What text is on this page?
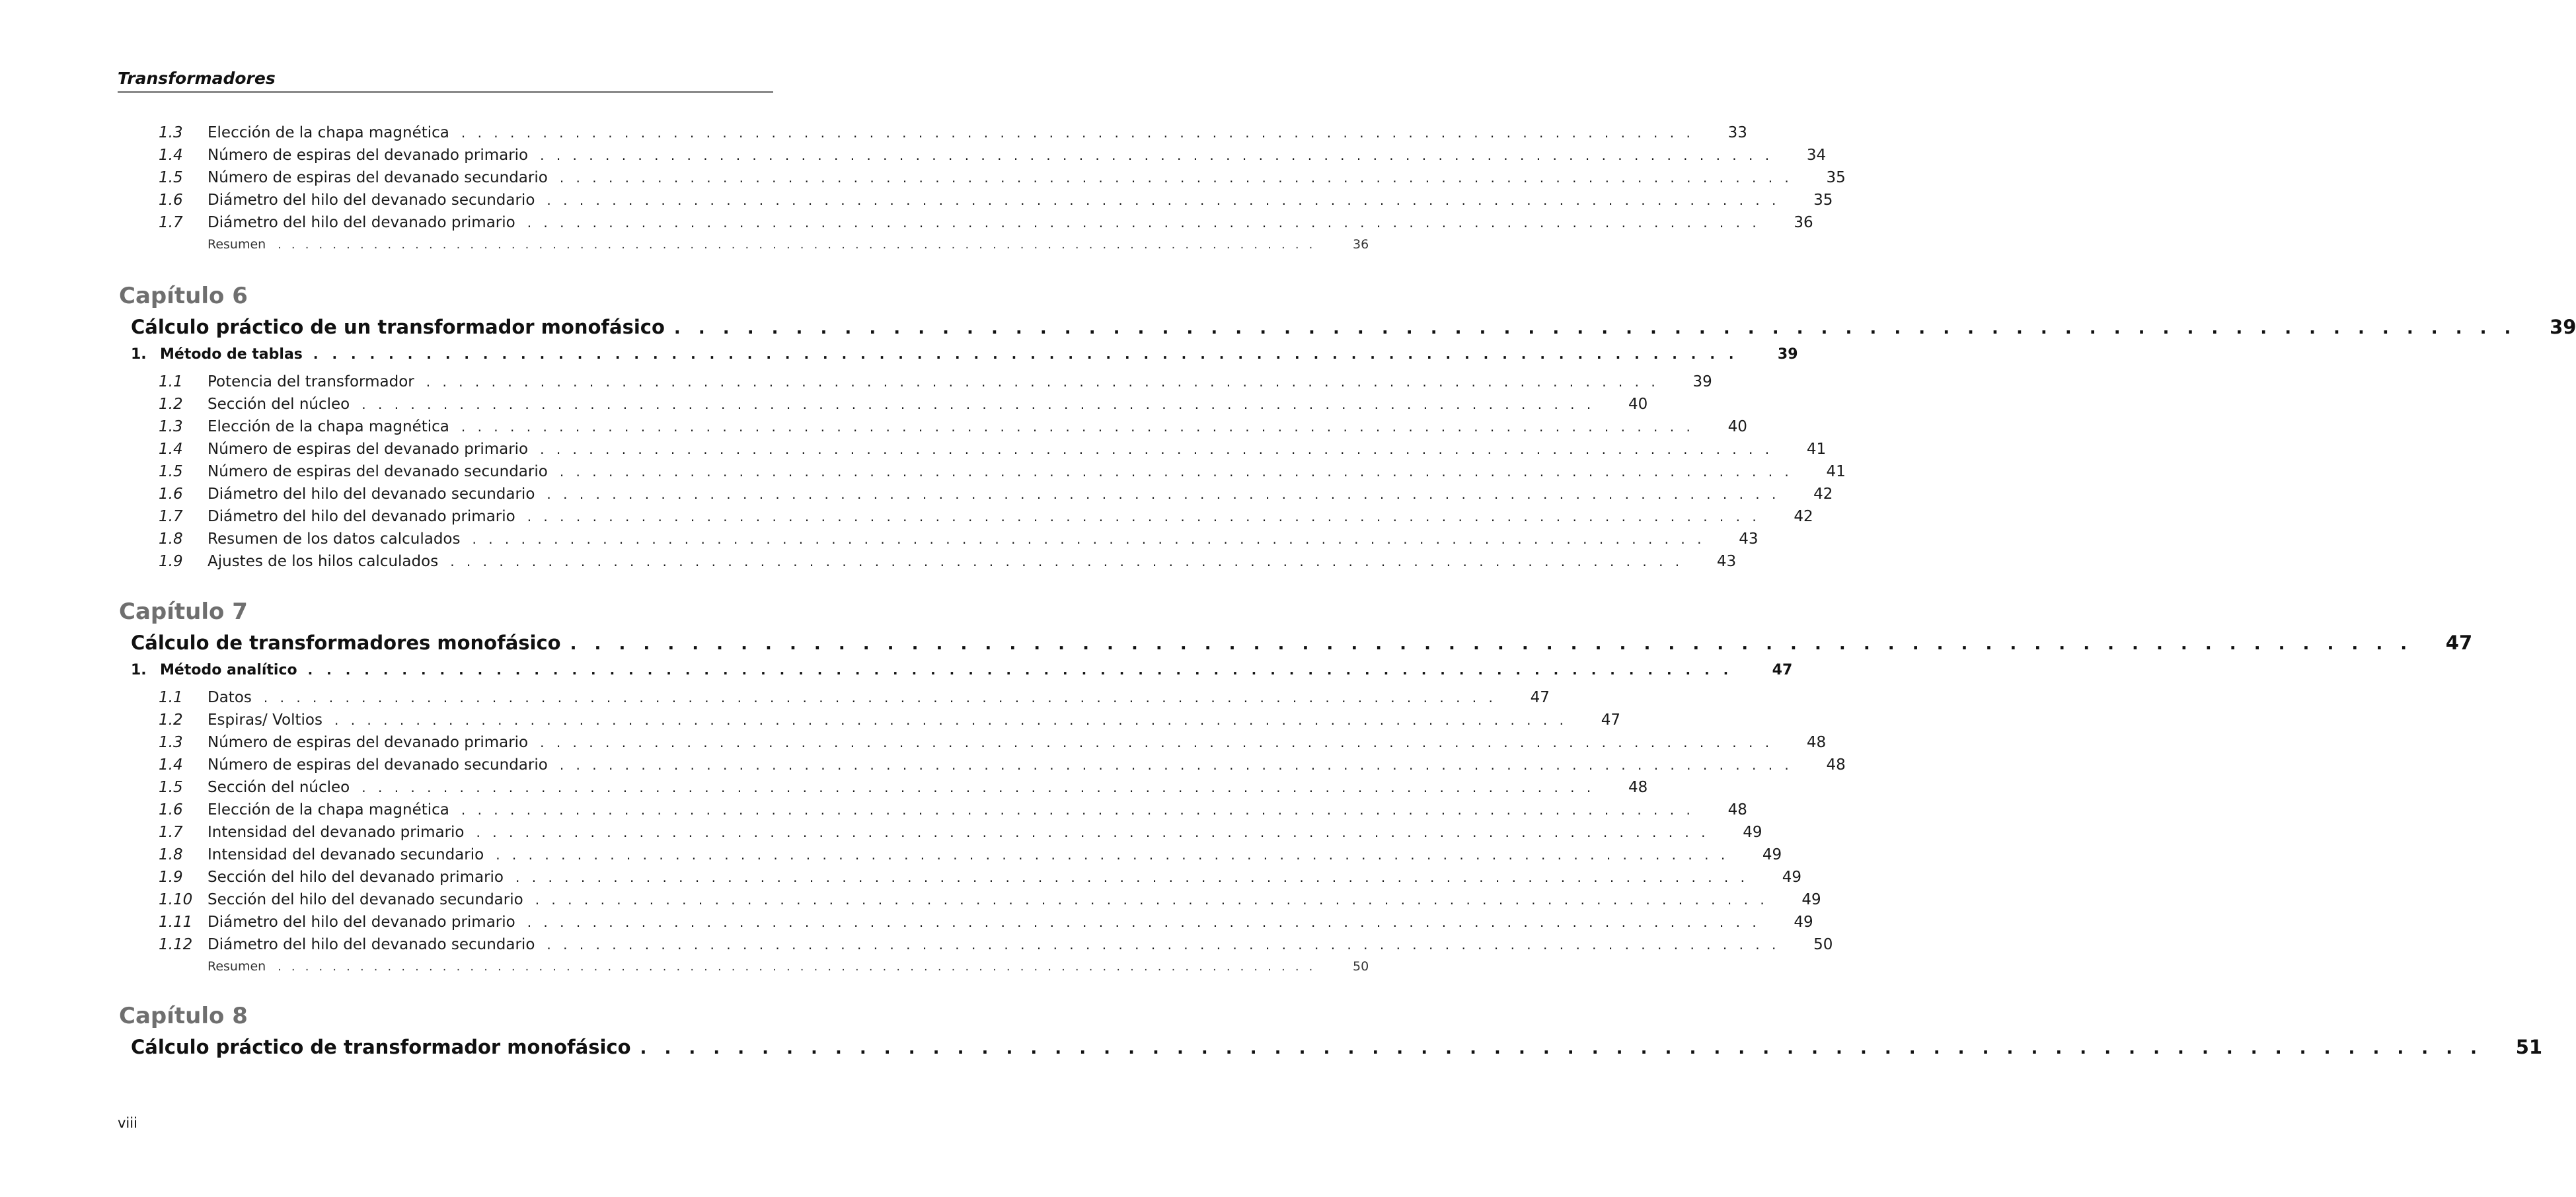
Transformadores
1.3	Elección de la chapa magnética . . . . . . . . . . . . . . . . . . . . . . . . . . . . . . . . . . . . . . . . . . . . . . . . . . . . . . . . . . . . . . . . . . . . . . . . . . . .	33
1.4	Número de espiras del devanado primario . . . . . . . . . . . . . . . . . . . . . . . . . . . . . . . . . . . . . . . . . . . . . . . . . . . . . . . . . . . . . . . . . . . . . . . . . . . .	34
1.5	Número de espiras del devanado secundario . . . . . . . . . . . . . . . . . . . . . . . . . . . . . . . . . . . . . . . . . . . . . . . . . . . . . . . . . . . . . . . . . . . . . . . . . . . .	35
1.6	Diámetro del hilo del devanado secundario . . . . . . . . . . . . . . . . . . . . . . . . . . . . . . . . . . . . . . . . . . . . . . . . . . . . . . . . . . . . . . . . . . . . . . . . . . . .	35
1.7	Diámetro del hilo del devanado primario . . . . . . . . . . . . . . . . . . . . . . . . . . . . . . . . . . . . . . . . . . . . . . . . . . . . . . . . . . . . . . . . . . . . . . . . . . . .	36
Resumen . . . . . . . . . . . . . . . . . . . . . . . . . . . . . . . . . . . . . . . . . . . . . . . . . . . . . . . . . . . . . . . . . . . . . . . . . . . .	36
Capítulo 6
Cálculo práctico de un transformador monofásico . . . . . . . . . . . . . . . . . . . . . . . . . . . . . . . . . . . . . . . . . . . . . . . . . . . . . . . . . . . . . . . . . . . . . . . . . . . .	39
1. Método de tablas . . . . . . . . . . . . . . . . . . . . . . . . . . . . . . . . . . . . . . . . . . . . . . . . . . . . . . . . . . . . . . . . . . . . . . . . . . . .	39
1.1	Potencia del transformador . . . . . . . . . . . . . . . . . . . . . . . . . . . . . . . . . . . . . . . . . . . . . . . . . . . . . . . . . . . . . . . . . . . . . . . . . . . .	39
1.2	Sección del núcleo . . . . . . . . . . . . . . . . . . . . . . . . . . . . . . . . . . . . . . . . . . . . . . . . . . . . . . . . . . . . . . . . . . . . . . . . . . . .	40
1.3	Elección de la chapa magnética . . . . . . . . . . . . . . . . . . . . . . . . . . . . . . . . . . . . . . . . . . . . . . . . . . . . . . . . . . . . . . . . . . . . . . . . . . . .	40
1.4	Número de espiras del devanado primario . . . . . . . . . . . . . . . . . . . . . . . . . . . . . . . . . . . . . . . . . . . . . . . . . . . . . . . . . . . . . . . . . . . . . . . . . . . .	41
1.5	Número de espiras del devanado secundario . . . . . . . . . . . . . . . . . . . . . . . . . . . . . . . . . . . . . . . . . . . . . . . . . . . . . . . . . . . . . . . . . . . . . . . . . . . .	41
1.6	Diámetro del hilo del devanado secundario . . . . . . . . . . . . . . . . . . . . . . . . . . . . . . . . . . . . . . . . . . . . . . . . . . . . . . . . . . . . . . . . . . . . . . . . . . . .	42
1.7	Diámetro del hilo del devanado primario . . . . . . . . . . . . . . . . . . . . . . . . . . . . . . . . . . . . . . . . . . . . . . . . . . . . . . . . . . . . . . . . . . . . . . . . . . . .	42
1.8	Resumen de los datos calculados . . . . . . . . . . . . . . . . . . . . . . . . . . . . . . . . . . . . . . . . . . . . . . . . . . . . . . . . . . . . . . . . . . . . . . . . . . . .	43
1.9	Ajustes de los hilos calculados . . . . . . . . . . . . . . . . . . . . . . . . . . . . . . . . . . . . . . . . . . . . . . . . . . . . . . . . . . . . . . . . . . . . . . . . . . . .	43
Capítulo 7
Cálculo de transformadores monofásico . . . . . . . . . . . . . . . . . . . . . . . . . . . . . . . . . . . . . . . . . . . . . . . . . . . . . . . . . . . . . . . . . . . . . . . . . . . .	47
1. Método analítico . . . . . . . . . . . . . . . . . . . . . . . . . . . . . . . . . . . . . . . . . . . . . . . . . . . . . . . . . . . . . . . . . . . . . . . . . . . .	47
1.1	Datos . . . . . . . . . . . . . . . . . . . . . . . . . . . . . . . . . . . . . . . . . . . . . . . . . . . . . . . . . . . . . . . . . . . . . . . . . . . .	47
1.2	Espiras/ Voltios . . . . . . . . . . . . . . . . . . . . . . . . . . . . . . . . . . . . . . . . . . . . . . . . . . . . . . . . . . . . . . . . . . . . . . . . . . . .	47
1.3	Número de espiras del devanado primario . . . . . . . . . . . . . . . . . . . . . . . . . . . . . . . . . . . . . . . . . . . . . . . . . . . . . . . . . . . . . . . . . . . . . . . . . . . .	48
1.4	Número de espiras del devanado secundario . . . . . . . . . . . . . . . . . . . . . . . . . . . . . . . . . . . . . . . . . . . . . . . . . . . . . . . . . . . . . . . . . . . . . . . . . . . .	48
1.5	Sección del núcleo . . . . . . . . . . . . . . . . . . . . . . . . . . . . . . . . . . . . . . . . . . . . . . . . . . . . . . . . . . . . . . . . . . . . . . . . . . . .	48
1.6	Elección de la chapa magnética . . . . . . . . . . . . . . . . . . . . . . . . . . . . . . . . . . . . . . . . . . . . . . . . . . . . . . . . . . . . . . . . . . . . . . . . . . . .	48
1.7	Intensidad del devanado primario . . . . . . . . . . . . . . . . . . . . . . . . . . . . . . . . . . . . . . . . . . . . . . . . . . . . . . . . . . . . . . . . . . . . . . . . . . . .	49
1.8	Intensidad del devanado secundario . . . . . . . . . . . . . . . . . . . . . . . . . . . . . . . . . . . . . . . . . . . . . . . . . . . . . . . . . . . . . . . . . . . . . . . . . . . .	49
1.9	Sección del hilo del devanado primario . . . . . . . . . . . . . . . . . . . . . . . . . . . . . . . . . . . . . . . . . . . . . . . . . . . . . . . . . . . . . . . . . . . . . . . . . . . .	49
1.10 Sección del hilo del devanado secundario . . . . . . . . . . . . . . . . . . . . . . . . . . . . . . . . . . . . . . . . . . . . . . . . . . . . . . . . . . . . . . . . . . . . . . . . . . . .	49
1.11 Diámetro del hilo del devanado primario . . . . . . . . . . . . . . . . . . . . . . . . . . . . . . . . . . . . . . . . . . . . . . . . . . . . . . . . . . . . . . . . . . . . . . . . . . . .	49
1.12 Diámetro del hilo del devanado secundario . . . . . . . . . . . . . . . . . . . . . . . . . . . . . . . . . . . . . . . . . . . . . . . . . . . . . . . . . . . . . . . . . . . . . . . . . . . .	50
Resumen . . . . . . . . . . . . . . . . . . . . . . . . . . . . . . . . . . . . . . . . . . . . . . . . . . . . . . . . . . . . . . . . . . . . . . . . . . . .	50
Capítulo 8
Cálculo práctico de transformador monofásico . . . . . . . . . . . . . . . . . . . . . . . . . . . . . . . . . . . . . . . . . . . . . . . . . . . . . . . . . . . . . . . . . . . . . . . . . . . .	51
viii
